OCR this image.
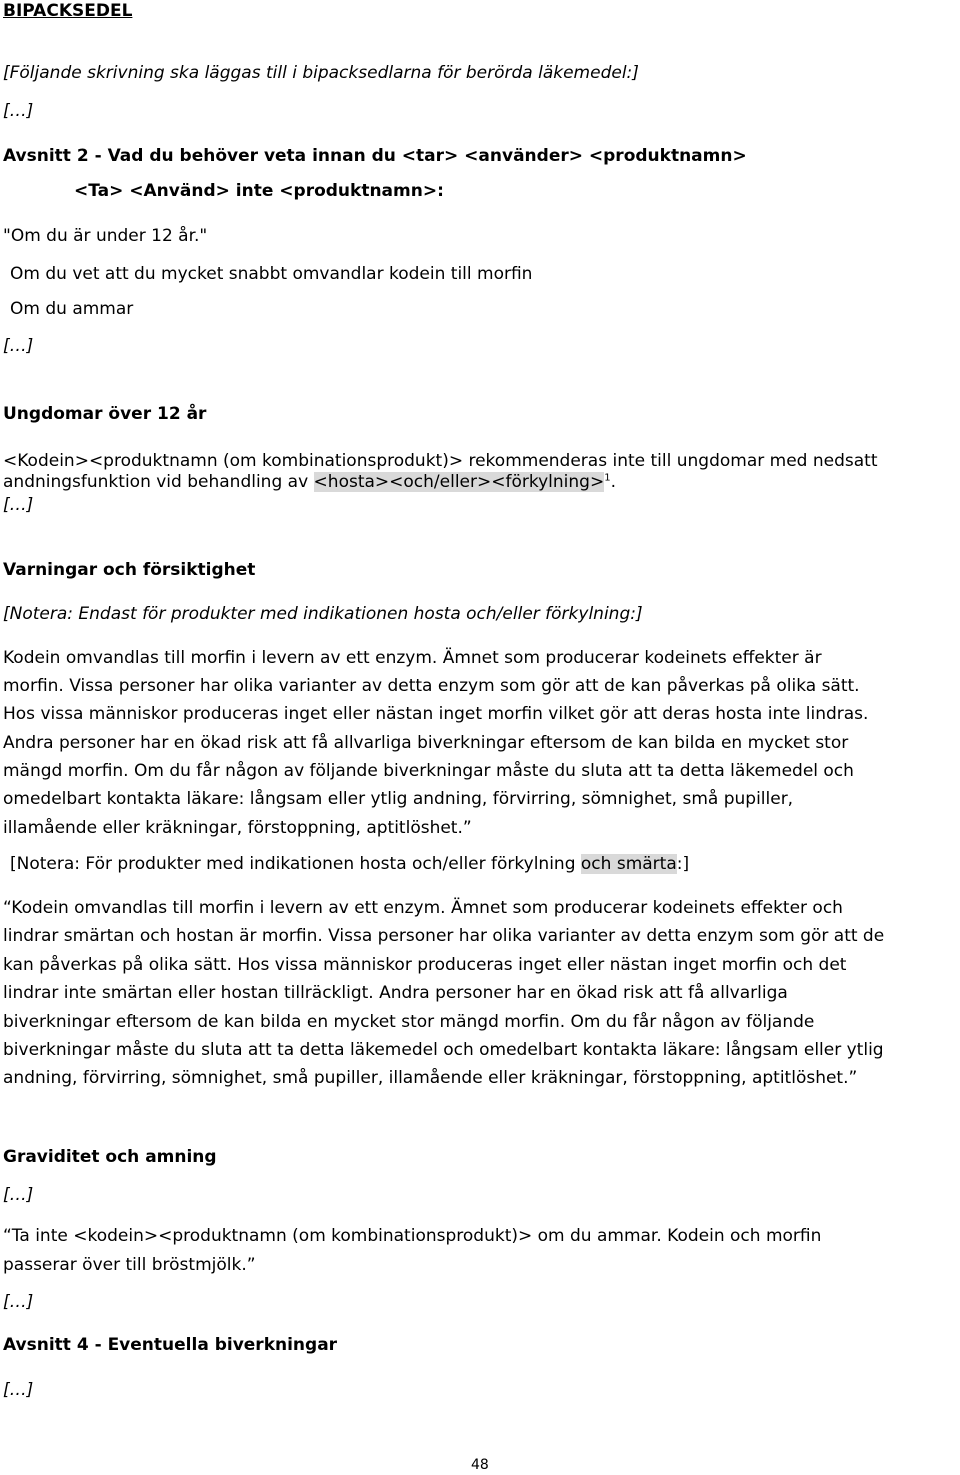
BIPACKSEDEL
[Följande skrivning ska läggas till i bipacksedlarna för berörda läkemedel:]
[…]
Avsnitt 2 - Vad du behöver veta innan du <tar> <använder> <produktnamn>
<Ta> <Använd> inte <produktnamn>:
"Om du är under 12 år."
Om du vet att du mycket snabbt omvandlar kodein till morfin
Om du ammar
[…]
Ungdomar över 12 år
<Kodein><produktnamn (om kombinationsprodukt)> rekommenderas inte till ungdomar med nedsatt
andningsfunktion vid behandling av <hosta><och/eller><förkylning>$^1$.
[…]
Varningar och försiktighet
[Notera: Endast för produkter med indikationen hosta och/eller förkylning:]
Kodein omvandlas till morfin i levern av ett enzym. Ämnet som producerar kodeinets effekter är
morfin. Vissa personer har olika varianter av detta enzym som gör att de kan påverkas på olika sätt.
Hos vissa människor produceras inget eller nästan inget morfin vilket gör att deras hosta inte lindras.
Andra personer har en ökad risk att få allvarliga biverkningar eftersom de kan bilda en mycket stor
mängd morfin. Om du får någon av följande biverkningar måste du sluta att ta detta läkemedel och
omedelbart kontakta läkare: långsam eller ytlig andning, förvirring, sömnighet, små pupiller,
illamående eller kräkningar, förstoppning, aptitlöshet.”
[Notera: För produkter med indikationen hosta och/eller förkylning och smärta:]
“Kodein omvandlas till morfin i levern av ett enzym. Ämnet som producerar kodeinets effekter och
lindrar smärtan och hostan är morfin. Vissa personer har olika varianter av detta enzym som gör att de
kan påverkas på olika sätt. Hos vissa människor produceras inget eller nästan inget morfin och det
lindrar inte smärtan eller hostan tillräckligt. Andra personer har en ökad risk att få allvarliga
biverkningar eftersom de kan bilda en mycket stor mängd morfin. Om du får någon av följande
biverkningar måste du sluta att ta detta läkemedel och omedelbart kontakta läkare: långsam eller ytlig
andning, förvirring, sömnighet, små pupiller, illamående eller kräkningar, förstoppning, aptitlöshet.”
Graviditet och amning
[…]
“Ta inte <kodein><produktnamn (om kombinationsprodukt)> om du ammar. Kodein och morfin
passerar över till bröstmjölk.”
[…]
Avsnitt 4 - Eventuella biverkningar
[…]
48
